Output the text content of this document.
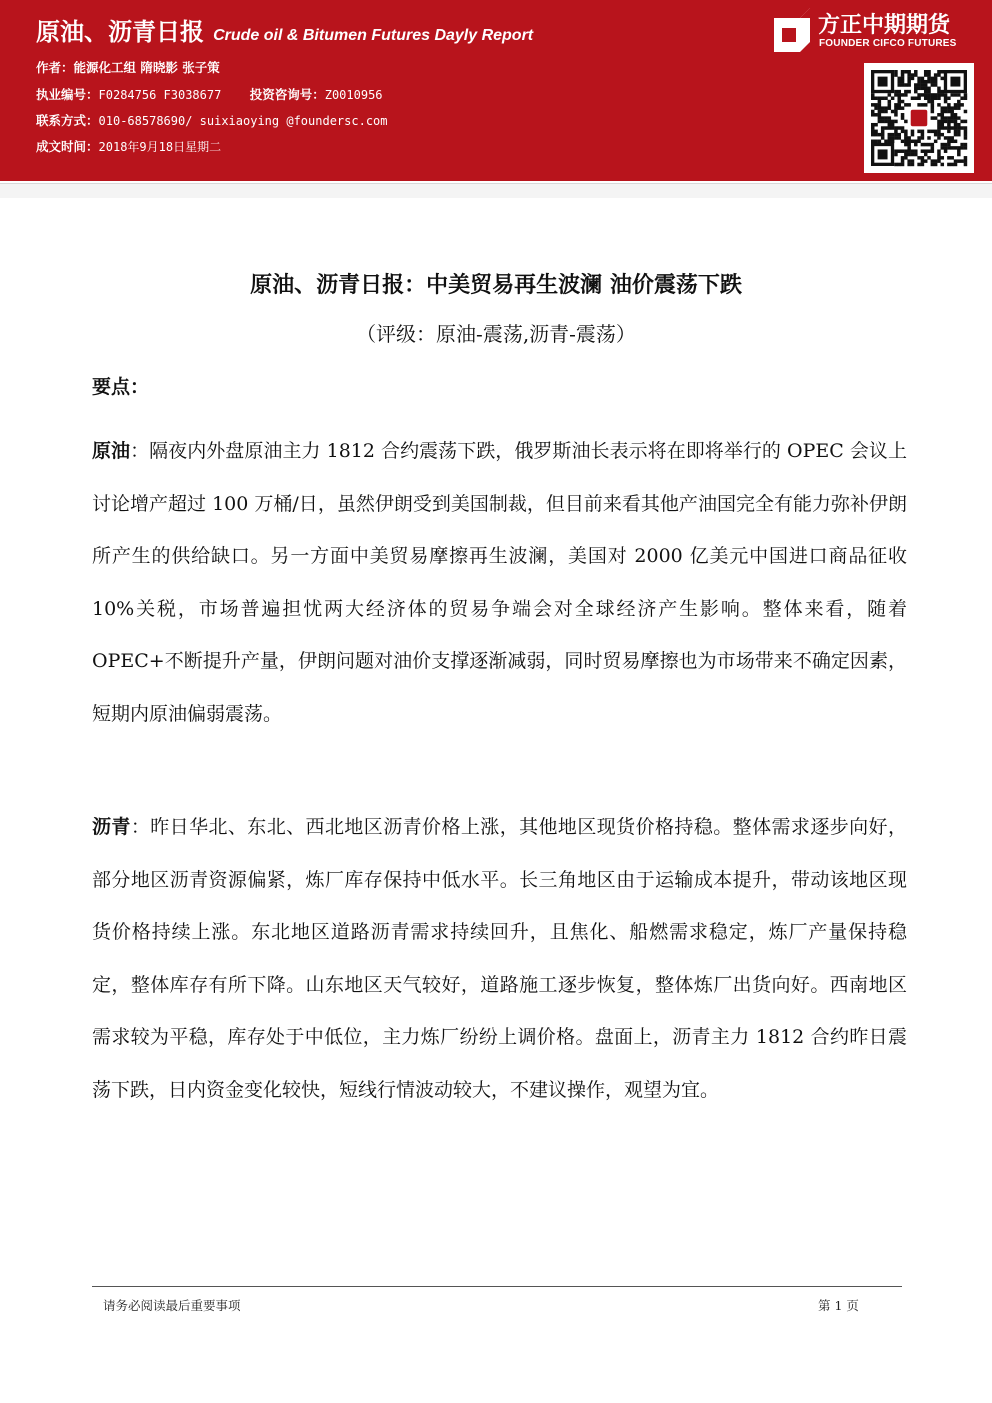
原油、沥青日报 Crude oil & Bitumen Futures Dayly Report	方正中期期货
FOUNDER CIFCO FUTURES
作者：能源化工组 隋晓影 张子策
执业编号：F0284756 F3038677 投资咨询号：Z0010956
联系方式：010-68578690/ suixiaoying @foundersc.com
成文时间：2018年9月18日星期二
原油、沥青日报：中美贸易再生波澜 油价震荡下跌
（评级：原油-震荡,沥青-震荡）
要点：

原油：隔夜内外盘原油主力 1812 合约震荡下跌，俄罗斯油长表示将在即将举行的 OPEC 会议上讨论增产超过 100 万桶/日，虽然伊朗受到美国制裁，但目前来看其他产油国完全有能力弥补伊朗所产生的供给缺口。另一方面中美贸易摩擦再生波澜，美国对 2000 亿美元中国进口商品征收 10%关税，市场普遍担忧两大经济体的贸易争端会对全球经济产生影响。整体来看，随着 OPEC+不断提升产量，伊朗问题对油价支撑逐渐减弱，同时贸易摩擦也为市场带来不确定因素，短期内原油偏弱震荡。

沥青：昨日华北、东北、西北地区沥青价格上涨，其他地区现货价格持稳。整体需求逐步向好，部分地区沥青资源偏紧，炼厂库存保持中低水平。长三角地区由于运输成本提升，带动该地区现货价格持续上涨。东北地区道路沥青需求持续回升，且焦化、船燃需求稳定，炼厂产量保持稳定，整体库存有所下降。山东地区天气较好，道路施工逐步恢复，整体炼厂出货向好。西南地区需求较为平稳，库存处于中低位，主力炼厂纷纷上调价格。盘面上，沥青主力 1812 合约昨日震荡下跌，日内资金变化较快，短线行情波动较大，不建议操作，观望为宜。

请务必阅读最后重要事项	第 1 页
